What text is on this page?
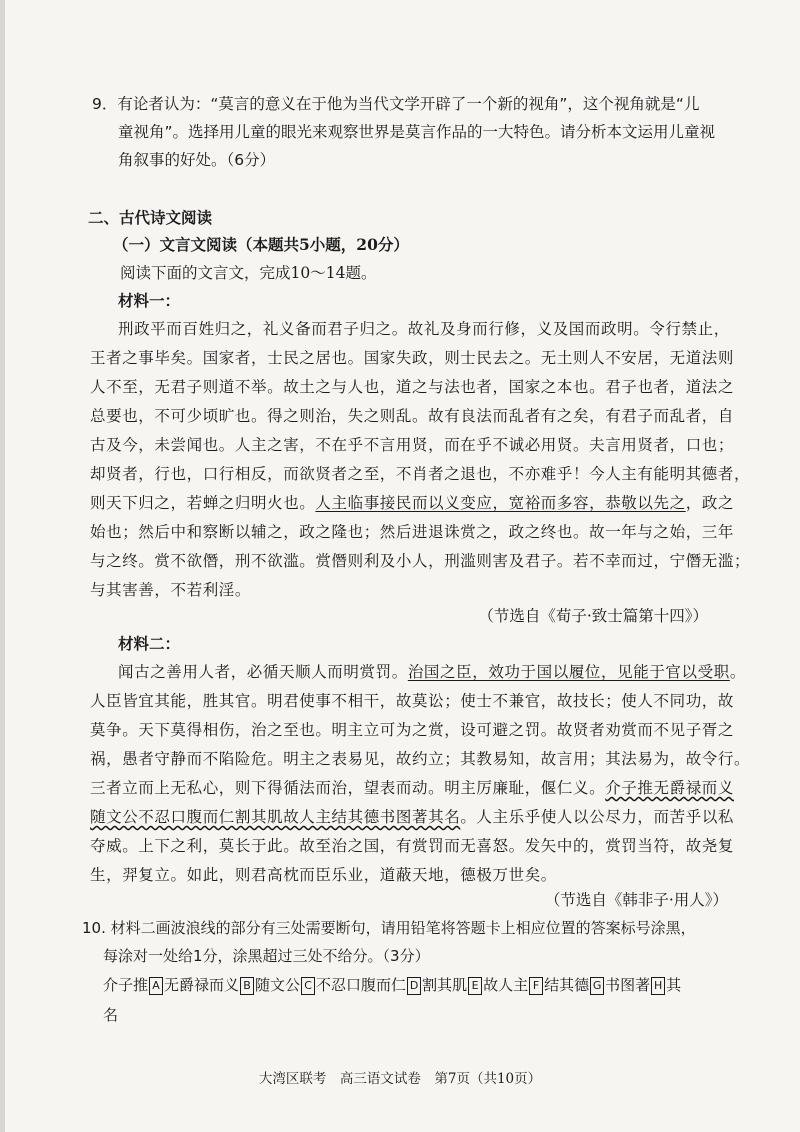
9．有论者认为：“莫言的意义在于他为当代文学开辟了一个新的视角”，这个视角就是“儿
童视角”。选择用儿童的眼光来观察世界是莫言作品的一大特色。请分析本文运用儿童视
角叙事的好处。（6分）
二、古代诗文阅读
（一）文言文阅读（本题共5小题，20分）
阅读下面的文言文，完成10～14题。
材料一：
刑政平而百姓归之，礼义备而君子归之。故礼及身而行修，义及国而政明。令行禁止，
王者之事毕矣。国家者，士民之居也。国家失政，则士民去之。无土则人不安居，无道法则
人不至，无君子则道不举。故土之与人也，道之与法也者，国家之本也。君子也者，道法之
总要也，不可少顷旷也。得之则治，失之则乱。故有良法而乱者有之矣，有君子而乱者，自
古及今，未尝闻也。人主之害，不在乎不言用贤，而在乎不诚必用贤。夫言用贤者，口也；
却贤者，行也，口行相反，而欲贤者之至，不肖者之退也，不亦难乎！今人主有能明其德者，
则天下归之，若蝉之归明火也。人主临事接民而以义变应，宽裕而多容，恭敬以先之，政之
始也；然后中和察断以辅之，政之隆也；然后进退诛赏之，政之终也。故一年与之始，三年
与之终。赏不欲僭，刑不欲滥。赏僭则利及小人，刑滥则害及君子。若不幸而过，宁僭无滥；
与其害善，不若利淫。
（节选自《荀子·致士篇第十四》）
材料二：
闻古之善用人者，必循天顺人而明赏罚。治国之臣，效功于国以履位，见能于官以受职。
人臣皆宜其能，胜其官。明君使事不相干，故莫讼；使士不兼官，故技长；使人不同功，故
莫争。天下莫得相伤，治之至也。明主立可为之赏，设可避之罚。故贤者劝赏而不见子胥之
祸，愚者守静而不陷险危。明主之表易见，故约立；其教易知，故言用；其法易为，故令行。
三者立而上无私心，则下得循法而治，望表而动。明主厉廉耻，偃仁义。介子推无爵禄而义
随文公不忍口腹而仁割其肌故人主结其德书图著其名。人主乐乎使人以公尽力，而苦乎以私
夺威。上下之利，莫长于此。故至治之国，有赏罚而无喜怒。发矢中的，赏罚当符，故尧复
生，羿复立。如此，则君高枕而臣乐业，道蔽天地，德极万世矣。
（节选自《韩非子·用人》）
10. 材料二画波浪线的部分有三处需要断句，请用铅笔将答题卡上相应位置的答案标号涂黑，
每涂对一处给1分，涂黑超过三处不给分。（3分）
介子推 A 无爵禄而义 B 随文公 C 不忍口腹而仁 D 割其肌 E 故人主 F 结其德 G 书图著 H 其
名
大湾区联考　高三语文试卷　第7页（共10页）
